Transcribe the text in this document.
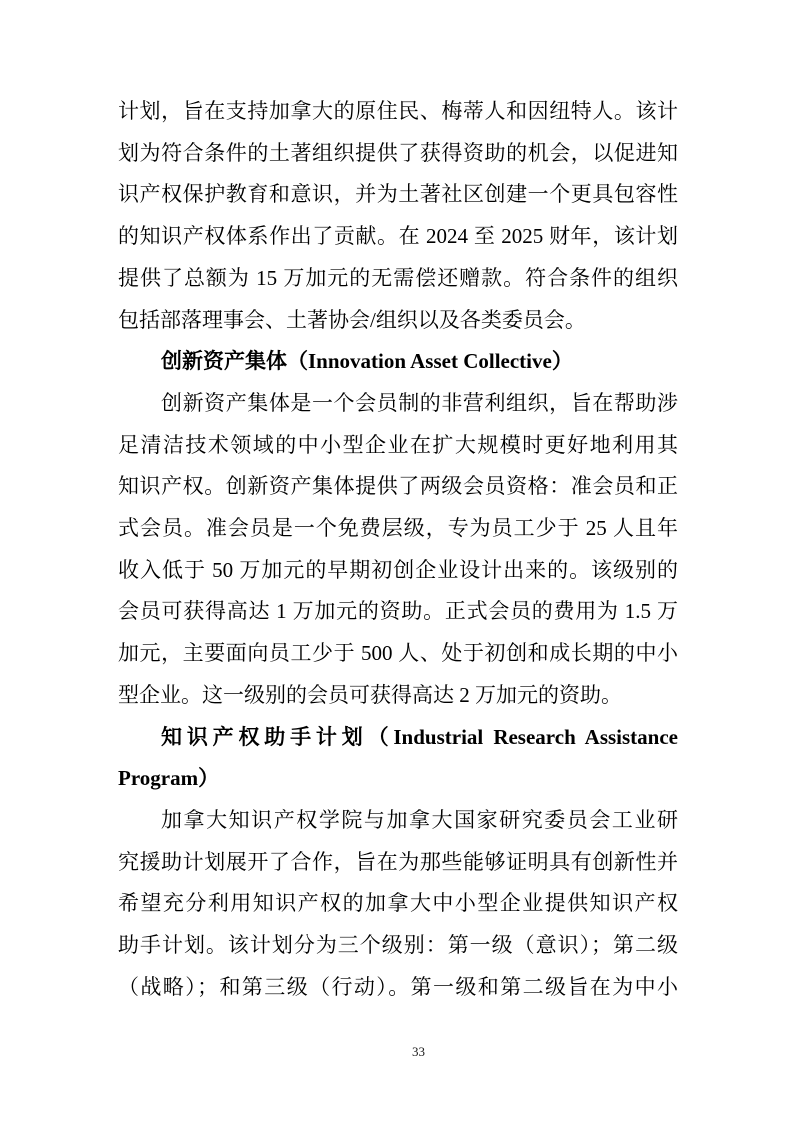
计划，旨在支持加拿大的原住民、梅蒂人和因纽特人。该计
划为符合条件的土著组织提供了获得资助的机会，以促进知
识产权保护教育和意识，并为土著社区创建一个更具包容性
的知识产权体系作出了贡献。在 2024 至 2025 财年，该计划
提供了总额为 15 万加元的无需偿还赠款。符合条件的组织
包括部落理事会、土著协会/组织以及各类委员会。
创新资产集体（Innovation Asset Collective）
创新资产集体是一个会员制的非营利组织，旨在帮助涉
足清洁技术领域的中小型企业在扩大规模时更好地利用其
知识产权。创新资产集体提供了两级会员资格：准会员和正
式会员。准会员是一个免费层级，专为员工少于 25 人且年
收入低于 50 万加元的早期初创企业设计出来的。该级别的
会员可获得高达 1 万加元的资助。正式会员的费用为 1.5 万
加元，主要面向员工少于 500 人、处于初创和成长期的中小
型企业。这一级别的会员可获得高达 2 万加元的资助。
知识产权助手计划（Industrial Research Assistance
Program）
加拿大知识产权学院与加拿大国家研究委员会工业研
究援助计划展开了合作，旨在为那些能够证明具有创新性并
希望充分利用知识产权的加拿大中小型企业提供知识产权
助手计划。该计划分为三个级别：第一级（意识）；第二级
（战略）；和第三级（行动）。第一级和第二级旨在为中小
33
